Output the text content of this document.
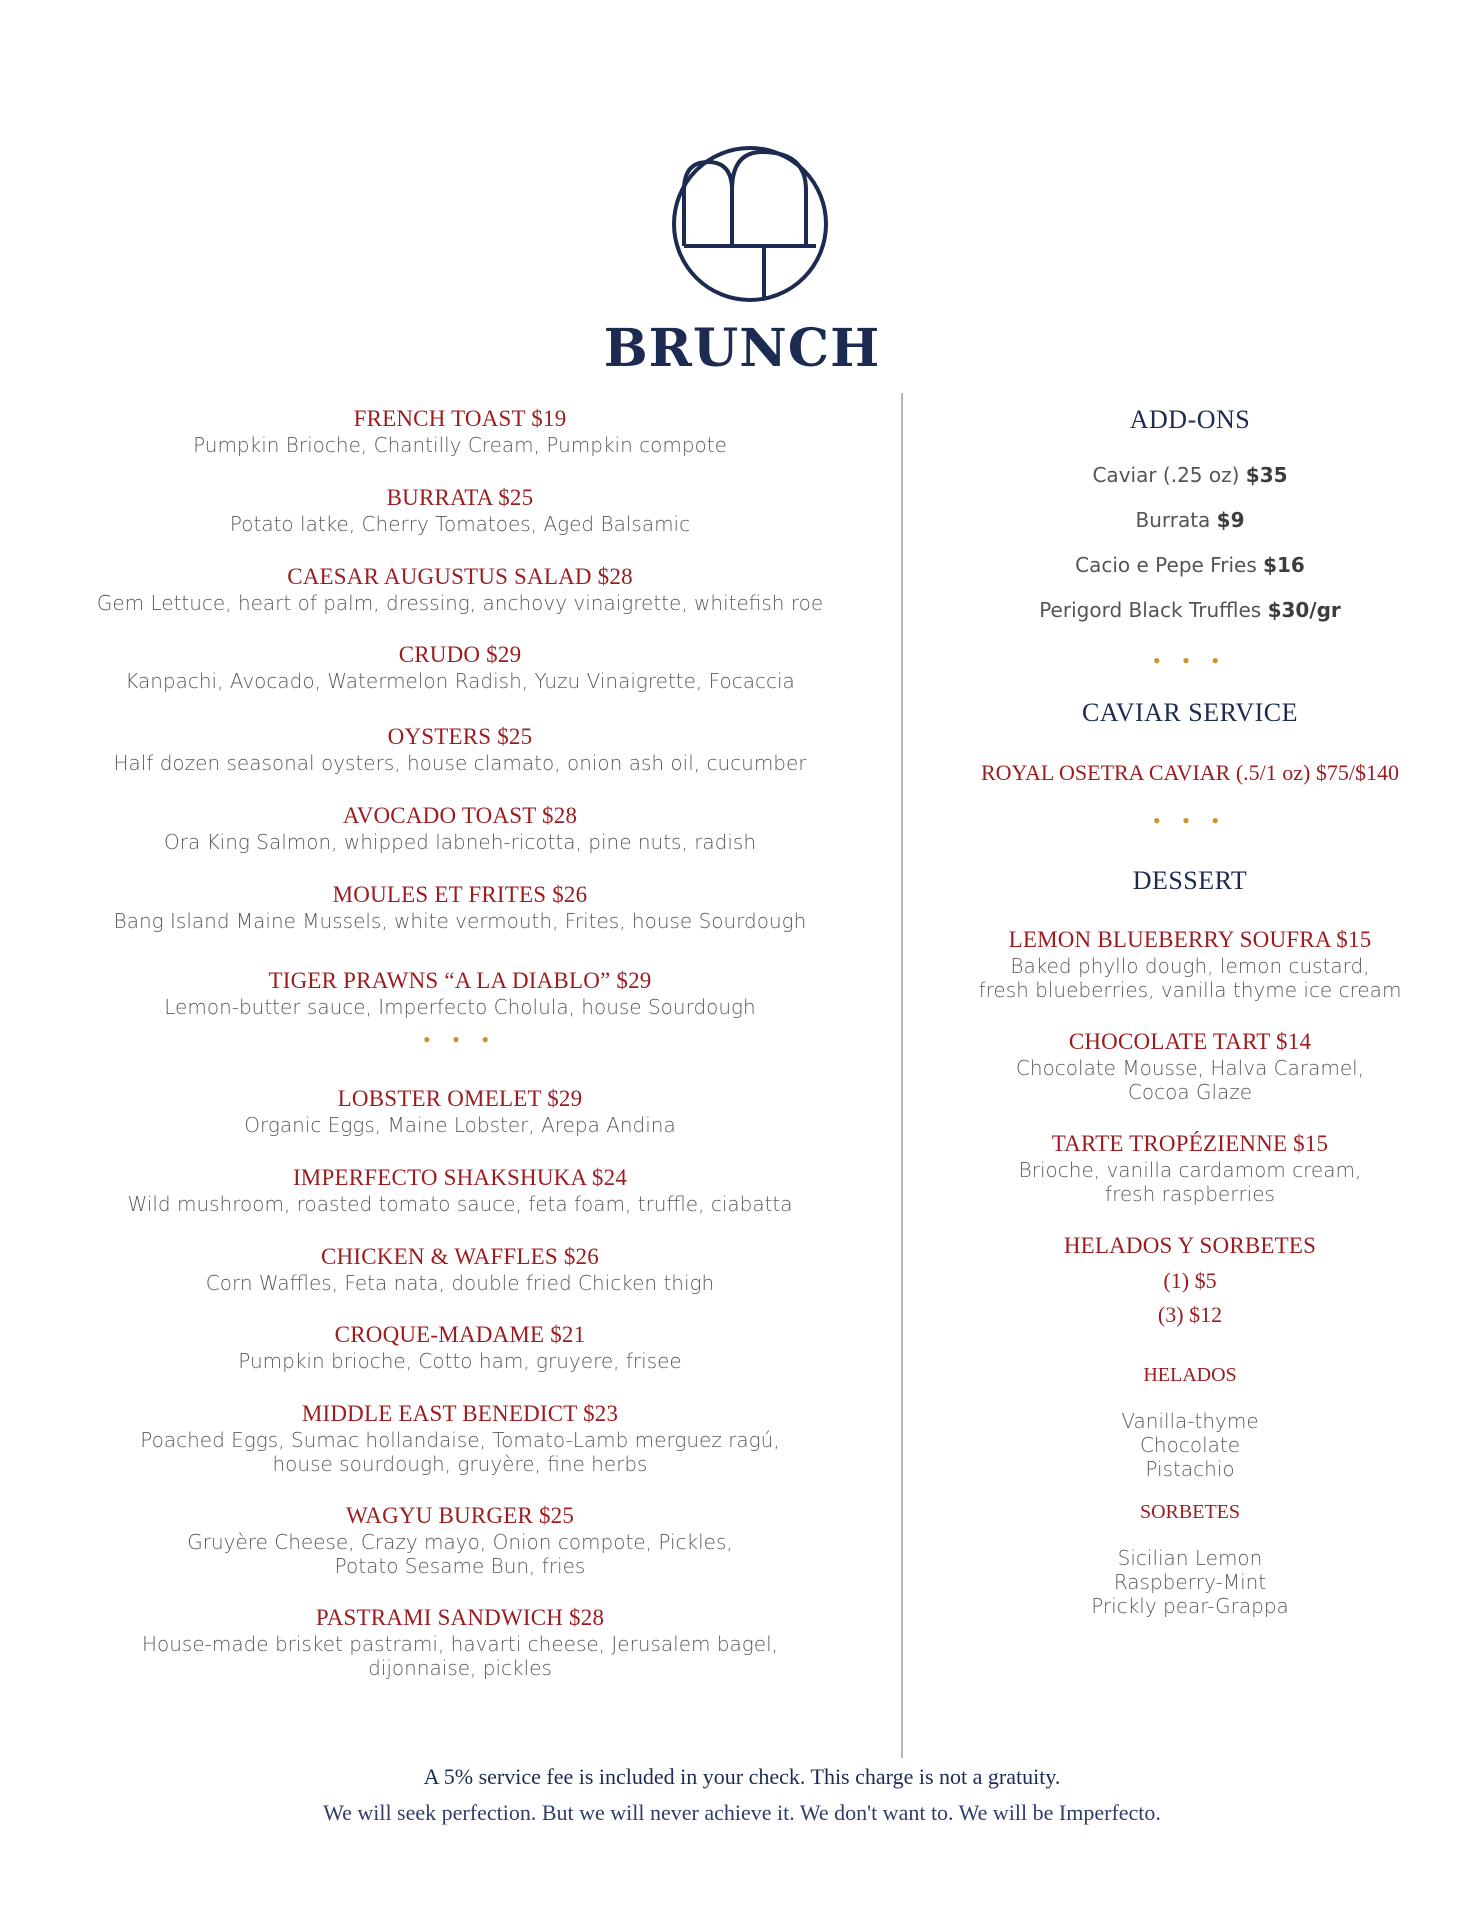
BRUNCH
FRENCH TOAST $19
Pumpkin Brioche, Chantilly Cream, Pumpkin compote
BURRATA $25
Potato latke, Cherry Tomatoes, Aged Balsamic
CAESAR AUGUSTUS SALAD $28
Gem Lettuce, heart of palm, dressing, anchovy vinaigrette, whitefish roe
CRUDO $29
Kanpachi, Avocado, Watermelon Radish, Yuzu Vinaigrette, Focaccia
OYSTERS $25
Half dozen seasonal oysters, house clamato, onion ash oil, cucumber
AVOCADO TOAST $28
Ora King Salmon, whipped labneh-ricotta, pine nuts, radish
MOULES ET FRITES $26
Bang Island Maine Mussels, white vermouth, Frites, house Sourdough
TIGER PRAWNS “A LA DIABLO” $29
Lemon-butter sauce, Imperfecto Cholula, house Sourdough
• • •
LOBSTER OMELET $29
Organic Eggs, Maine Lobster, Arepa Andina
IMPERFECTO SHAKSHUKA $24
Wild mushroom, roasted tomato sauce, feta foam, truffle, ciabatta
CHICKEN & WAFFLES $26
Corn Waffles, Feta nata, double fried Chicken thigh
CROQUE-MADAME $21
Pumpkin brioche, Cotto ham, gruyere, frisee
MIDDLE EAST BENEDICT $23
Poached Eggs, Sumac hollandaise, Tomato-Lamb merguez ragú,
house sourdough, gruyère, fine herbs
WAGYU BURGER $25
Gruyère Cheese, Crazy mayo, Onion compote, Pickles,
Potato Sesame Bun, fries
PASTRAMI SANDWICH $28
House-made brisket pastrami, havarti cheese, Jerusalem bagel,
dijonnaise, pickles
ADD-ONS
Caviar (.25 oz) $35
Burrata $9
Cacio e Pepe Fries $16
Perigord Black Truffles $30/gr
• • •
CAVIAR SERVICE
ROYAL OSETRA CAVIAR (.5/1 oz) $75/$140
• • •
DESSERT
LEMON BLUEBERRY SOUFRA $15
Baked phyllo dough, lemon custard,
fresh blueberries, vanilla thyme ice cream
CHOCOLATE TART $14
Chocolate Mousse, Halva Caramel,
Cocoa Glaze
TARTE TROPÉZIENNE $15
Brioche, vanilla cardamom cream,
fresh raspberries
HELADOS Y SORBETES
(1) $5
(3) $12
HELADOS
Vanilla-thyme
Chocolate
Pistachio
SORBETES
Sicilian Lemon
Raspberry-Mint
Prickly pear-Grappa
A 5% service fee is included in your check. This charge is not a gratuity.
We will seek perfection. But we will never achieve it. We don't want to. We will be Imperfecto.
